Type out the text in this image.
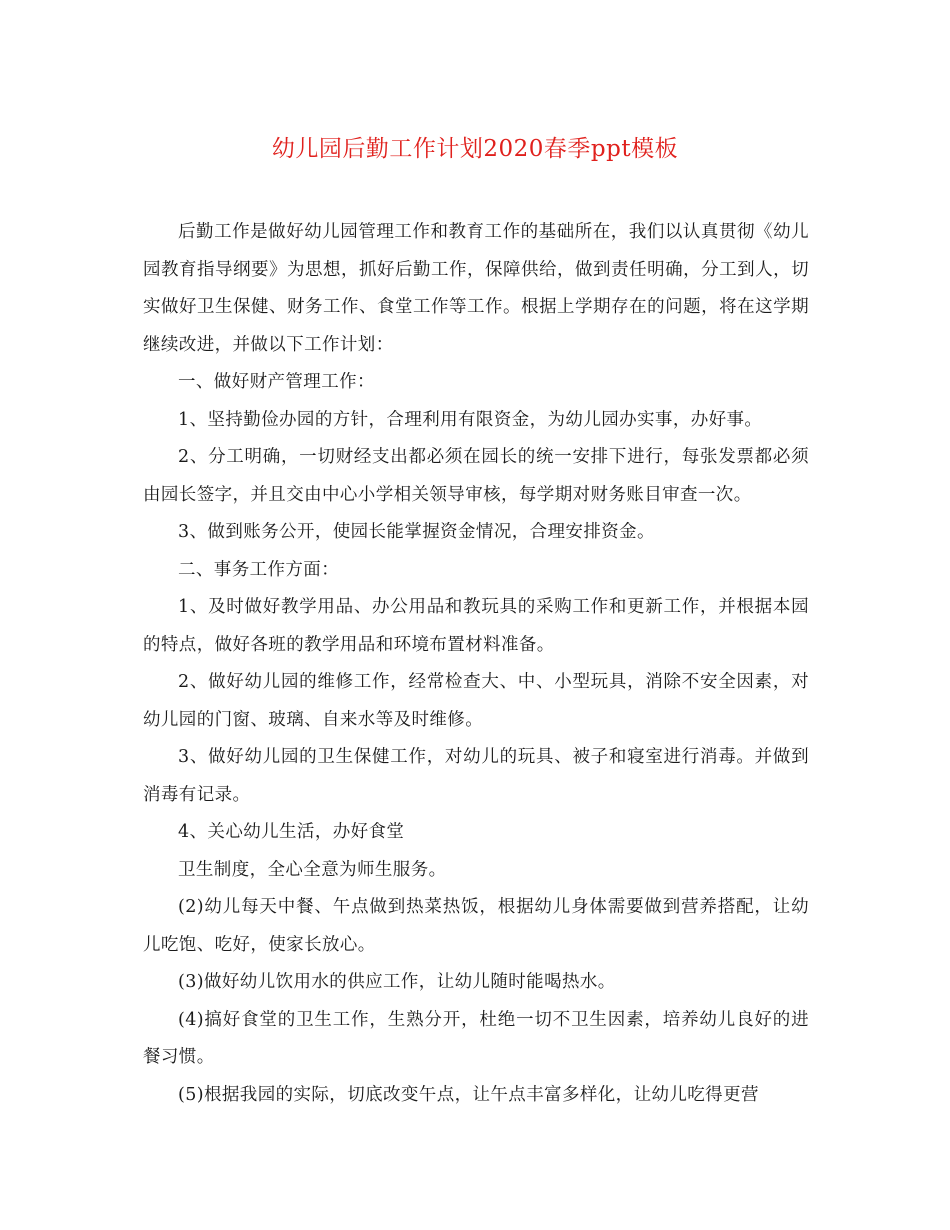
幼儿园后勤工作计划2020春季ppt模板

后勤工作是做好幼儿园管理工作和教育工作的基础所在，我们以认真贯彻《幼儿园教育指导纲要》为思想，抓好后勤工作，保障供给，做到责任明确，分工到人，切实做好卫生保健、财务工作、食堂工作等工作。根据上学期存在的问题，将在这学期继续改进，并做以下工作计划：

一、做好财产管理工作：

1、坚持勤俭办园的方针，合理利用有限资金，为幼儿园办实事，办好事。

2、分工明确，一切财经支出都必须在园长的统一安排下进行，每张发票都必须由园长签字，并且交由中心小学相关领导审核，每学期对财务账目审查一次。

3、做到账务公开，使园长能掌握资金情况，合理安排资金。

二、事务工作方面：

1、及时做好教学用品、办公用品和教玩具的采购工作和更新工作，并根据本园的特点，做好各班的教学用品和环境布置材料准备。

2、做好幼儿园的维修工作，经常检查大、中、小型玩具，消除不安全因素，对幼儿园的门窗、玻璃、自来水等及时维修。

3、做好幼儿园的卫生保健工作，对幼儿的玩具、被子和寝室进行消毒。并做到消毒有记录。

4、关心幼儿生活，办好食堂

卫生制度，全心全意为师生服务。

(2)幼儿每天中餐、午点做到热菜热饭，根据幼儿身体需要做到营养搭配，让幼儿吃饱、吃好，使家长放心。

(3)做好幼儿饮用水的供应工作，让幼儿随时能喝热水。

(4)搞好食堂的卫生工作，生熟分开，杜绝一切不卫生因素，培养幼儿良好的进餐习惯。

(5)根据我园的实际，切底改变午点，让午点丰富多样化，让幼儿吃得更营
